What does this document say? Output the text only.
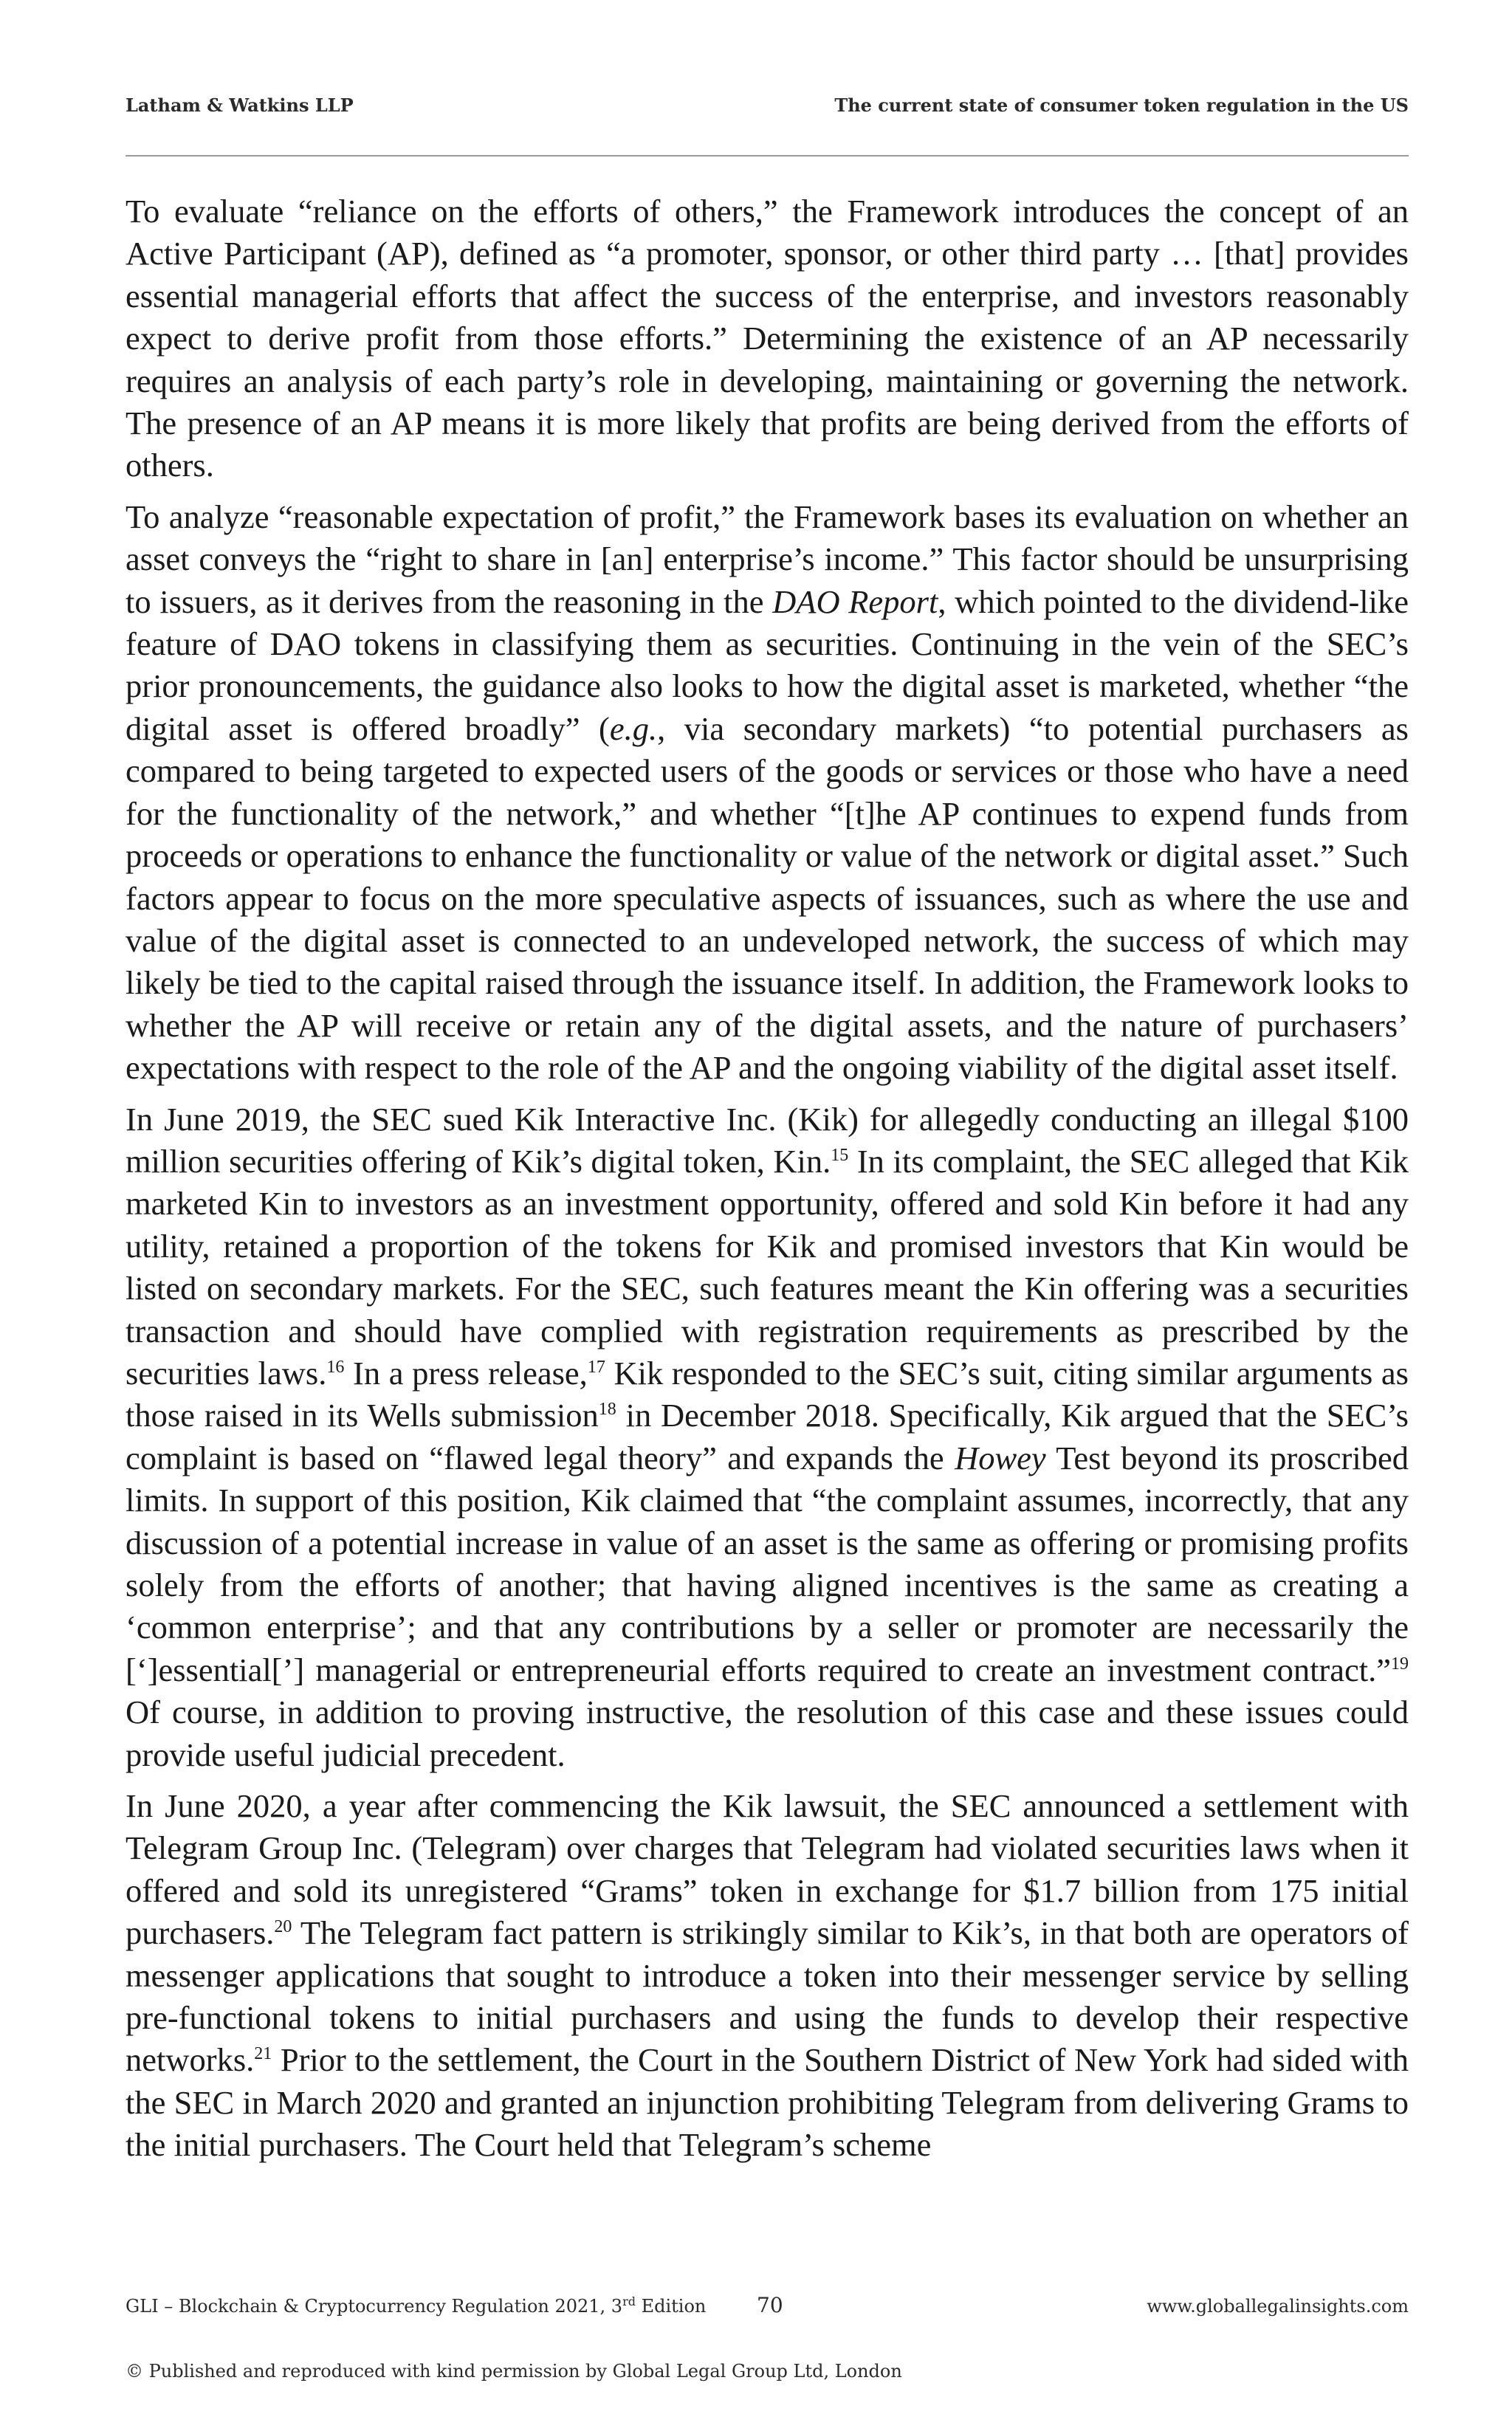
Latham & Watkins LLP	The current state of consumer token regulation in the US

To evaluate “reliance on the efforts of others,” the Framework introduces the concept of an Active Participant (AP), defined as “a promoter, sponsor, or other third party … [that] provides essential managerial efforts that affect the success of the enterprise, and investors reasonably expect to derive profit from those efforts.” Determining the existence of an AP necessarily requires an analysis of each party’s role in developing, maintaining or governing the network. The presence of an AP means it is more likely that profits are being derived from the efforts of others.

To analyze “reasonable expectation of profit,” the Framework bases its evaluation on whether an asset conveys the “right to share in [an] enterprise’s income.” This factor should be unsurprising to issuers, as it derives from the reasoning in the DAO Report, which pointed to the dividend-like feature of DAO tokens in classifying them as securities. Continuing in the vein of the SEC’s prior pronouncements, the guidance also looks to how the digital asset is marketed, whether “the digital asset is offered broadly” (e.g., via secondary markets) “to potential purchasers as compared to being targeted to expected users of the goods or services or those who have a need for the functionality of the network,” and whether “[t]he AP continues to expend funds from proceeds or operations to enhance the functionality or value of the network or digital asset.” Such factors appear to focus on the more speculative aspects of issuances, such as where the use and value of the digital asset is connected to an undeveloped network, the success of which may likely be tied to the capital raised through the issuance itself. In addition, the Framework looks to whether the AP will receive or retain any of the digital assets, and the nature of purchasers’ expectations with respect to the role of the AP and the ongoing viability of the digital asset itself.

In June 2019, the SEC sued Kik Interactive Inc. (Kik) for allegedly conducting an illegal $100 million securities offering of Kik’s digital token, Kin.$^{15}$ In its complaint, the SEC alleged that Kik marketed Kin to investors as an investment opportunity, offered and sold Kin before it had any utility, retained a proportion of the tokens for Kik and promised investors that Kin would be listed on secondary markets. For the SEC, such features meant the Kin offering was a securities transaction and should have complied with registration requirements as prescribed by the securities laws.$^{16}$ In a press release,$^{17}$ Kik responded to the SEC’s suit, citing similar arguments as those raised in its Wells submission$^{18}$ in December 2018. Specifically, Kik argued that the SEC’s complaint is based on “flawed legal theory” and expands the Howey Test beyond its proscribed limits. In support of this position, Kik claimed that “the complaint assumes, incorrectly, that any discussion of a potential increase in value of an asset is the same as offering or promising profits solely from the efforts of another; that having aligned incentives is the same as creating a ‘common enterprise’; and that any contributions by a seller or promoter are necessarily the [‘]essential[’] managerial or entrepreneurial efforts required to create an investment contract.”$^{19}$ Of course, in addition to proving instructive, the resolution of this case and these issues could provide useful judicial precedent.

In June 2020, a year after commencing the Kik lawsuit, the SEC announced a settlement with Telegram Group Inc. (Telegram) over charges that Telegram had violated securities laws when it offered and sold its unregistered “Grams” token in exchange for $1.7 billion from 175 initial purchasers.$^{20}$ The Telegram fact pattern is strikingly similar to Kik’s, in that both are operators of messenger applications that sought to introduce a token into their messenger service by selling pre-functional tokens to initial purchasers and using the funds to develop their respective networks.$^{21}$ Prior to the settlement, the Court in the Southern District of New York had sided with the SEC in March 2020 and granted an injunction prohibiting Telegram from delivering Grams to the initial purchasers. The Court held that Telegram’s scheme

GLI – Blockchain & Cryptocurrency Regulation 2021, 3rd Edition 70	www.globallegalinsights.com
© Published and reproduced with kind permission by Global Legal Group Ltd, London
